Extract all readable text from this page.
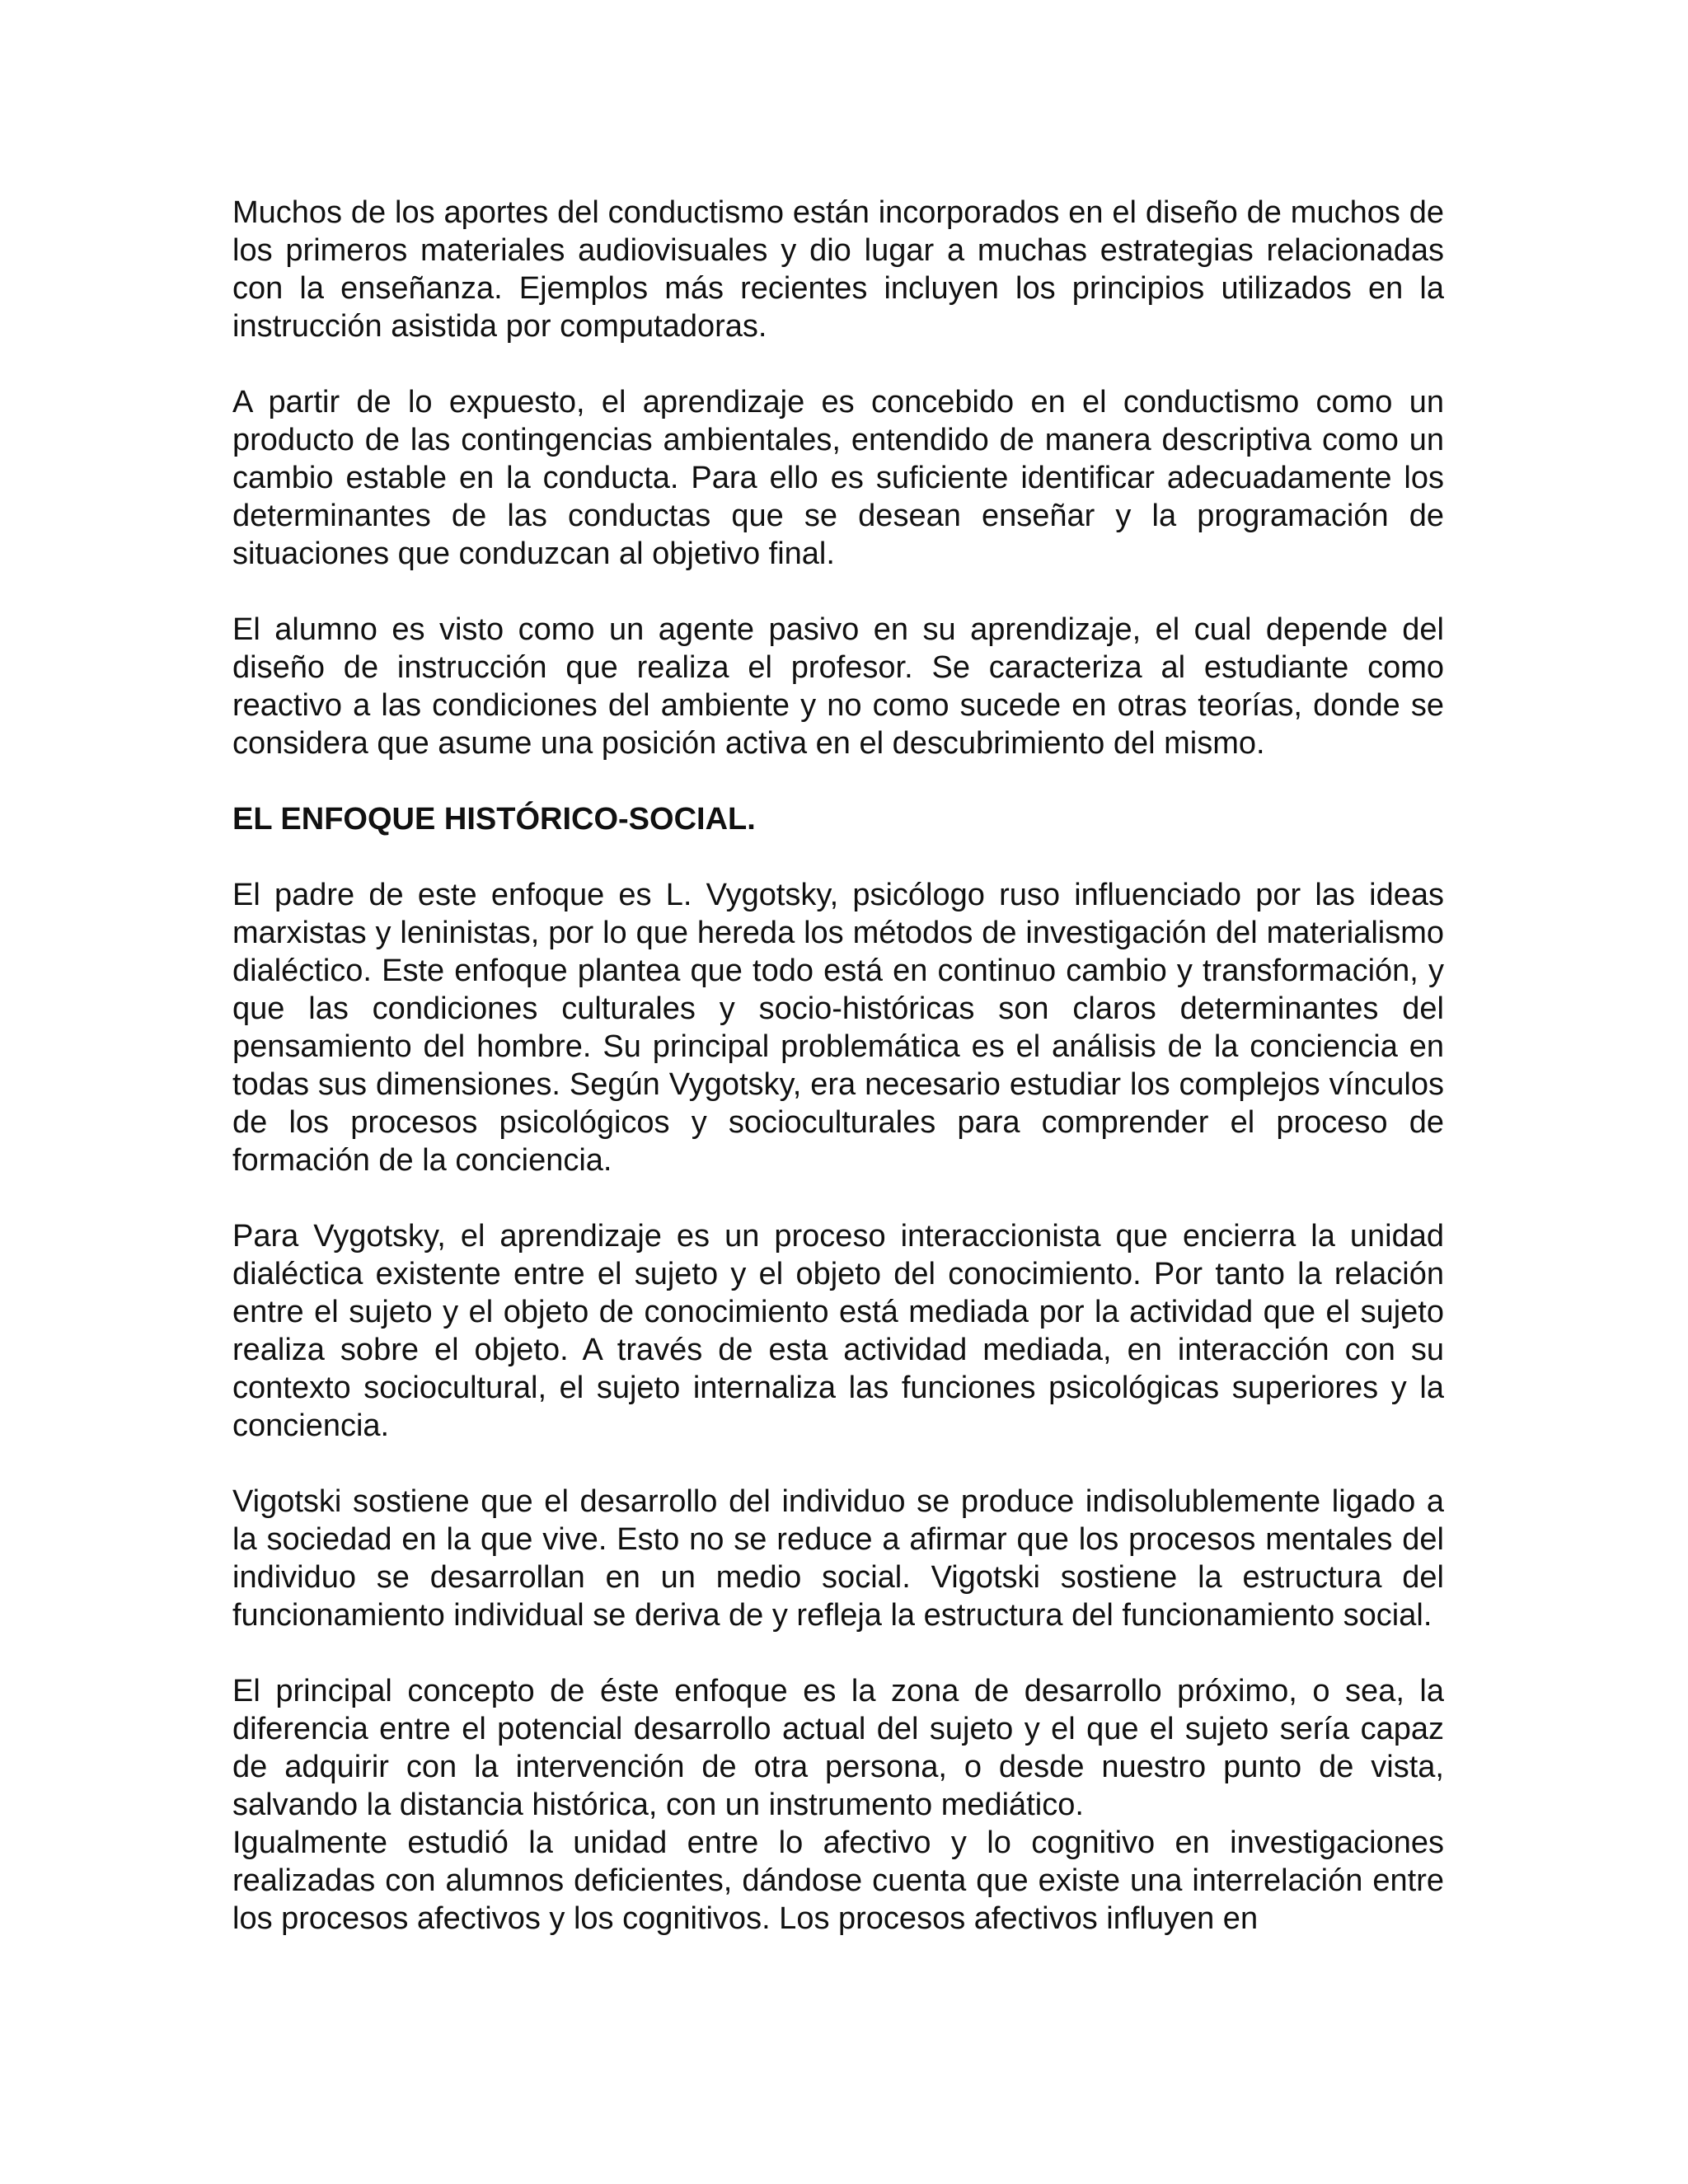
Muchos de los aportes del conductismo están incorporados en el diseño de muchos de los primeros materiales audiovisuales y dio lugar a muchas estrategias relacionadas con la enseñanza. Ejemplos más recientes incluyen los principios utilizados en la instrucción asistida por computadoras.

A partir de lo expuesto, el aprendizaje es concebido en el conductismo como un producto de las contingencias ambientales, entendido de manera descriptiva como un cambio estable en la conducta. Para ello es suficiente identificar adecuadamente los determinantes de las conductas que se desean enseñar y la programación de situaciones que conduzcan al objetivo final.

El alumno es visto como un agente pasivo en su aprendizaje, el cual depende del diseño de instrucción que realiza el profesor. Se caracteriza al estudiante como reactivo a las condiciones del ambiente y no como sucede en otras teorías, donde se considera que asume una posición activa en el descubrimiento del mismo.

EL ENFOQUE HISTÓRICO-SOCIAL.

El padre de este enfoque es L. Vygotsky, psicólogo ruso influenciado por las ideas marxistas y leninistas, por lo que hereda los métodos de investigación del materialismo dialéctico. Este enfoque plantea que todo está en continuo cambio y transformación, y que las condiciones culturales y socio-históricas son claros determinantes del pensamiento del hombre. Su principal problemática es el análisis de la conciencia en todas sus dimensiones. Según Vygotsky, era necesario estudiar los complejos vínculos de los procesos psicológicos y socioculturales para comprender el proceso de formación de la conciencia.

Para Vygotsky, el aprendizaje es un proceso interaccionista que encierra la unidad dialéctica existente entre el sujeto y el objeto del conocimiento. Por tanto la relación entre el sujeto y el objeto de conocimiento está mediada por la actividad que el sujeto realiza sobre el objeto. A través de esta actividad mediada, en interacción con su contexto sociocultural, el sujeto internaliza las funciones psicológicas superiores y la conciencia.

Vigotski sostiene que el desarrollo del individuo se produce indisolublemente ligado a la sociedad en la que vive. Esto no se reduce a afirmar que los procesos mentales del individuo se desarrollan en un medio social. Vigotski sostiene la estructura del funcionamiento individual se deriva de y refleja la estructura del funcionamiento social.

El principal concepto de éste enfoque es la zona de desarrollo próximo, o sea, la diferencia entre el potencial desarrollo actual del sujeto y el que el sujeto sería capaz de adquirir con la intervención de otra persona, o desde nuestro punto de vista, salvando la distancia histórica, con un instrumento mediático.

Igualmente estudió la unidad entre lo afectivo y lo cognitivo en investigaciones realizadas con alumnos deficientes, dándose cuenta que existe una interrelación entre los procesos afectivos y los cognitivos. Los procesos afectivos influyen en
